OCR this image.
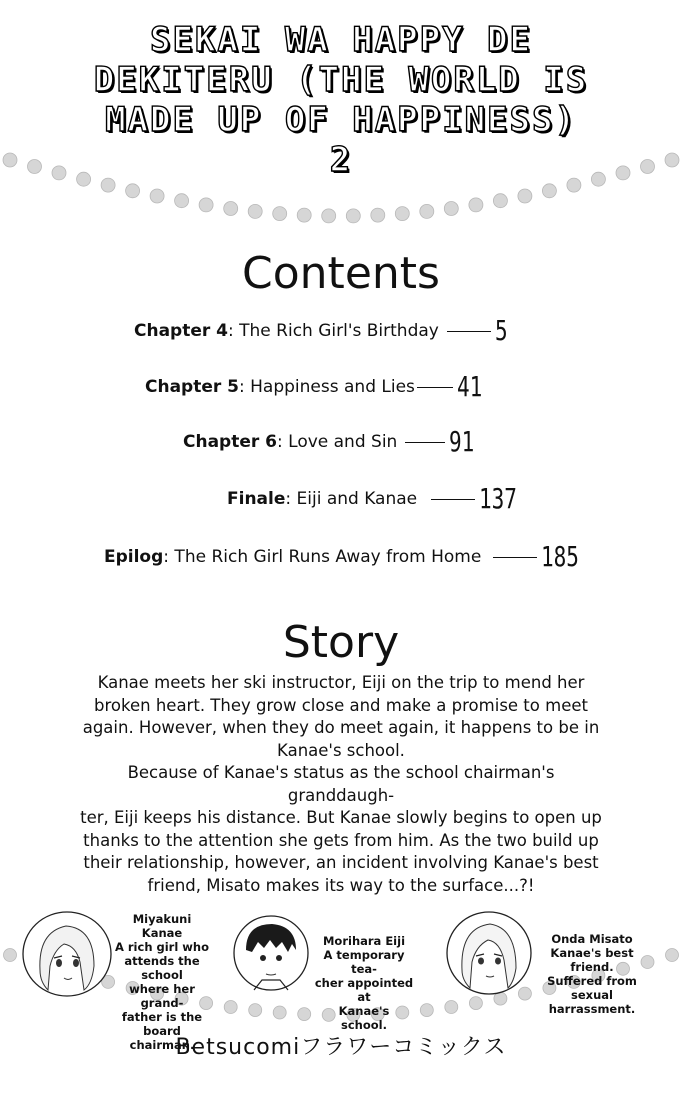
SEKAI WA HAPPY DE
DEKITERU (THE WORLD IS
MADE UP OF HAPPINESS)
2
Contents
Chapter 4: The Rich Girl's Birthday 5
Chapter 5: Happiness and Lies 41
Chapter 6: Love and Sin 91
Finale: Eiji and Kanae 137
Epilog: The Rich Girl Runs Away from Home 185
Story
Kanae meets her ski instructor, Eiji on the trip to mend her
broken heart. They grow close and make a promise to meet
again. However, when they do meet again, it happens to be in
Kanae's school.
Because of Kanae's status as the school chairman's granddaugh-
ter, Eiji keeps his distance. But Kanae slowly begins to open up
thanks to the attention she gets from him. As the two build up
their relationship, however, an incident involving Kanae's best
friend, Misato makes its way to the surface...?!
Miyakuni Kanae
A rich girl who
attends the school
where her grand-
father is the board
chairman.
Morihara Eiji
A temporary tea-
cher appointed at
Kanae's school.
Onda Misato
Kanae's best friend.
Suffered from sexual
harrassment.
Betsucomiフラワーコミックス
